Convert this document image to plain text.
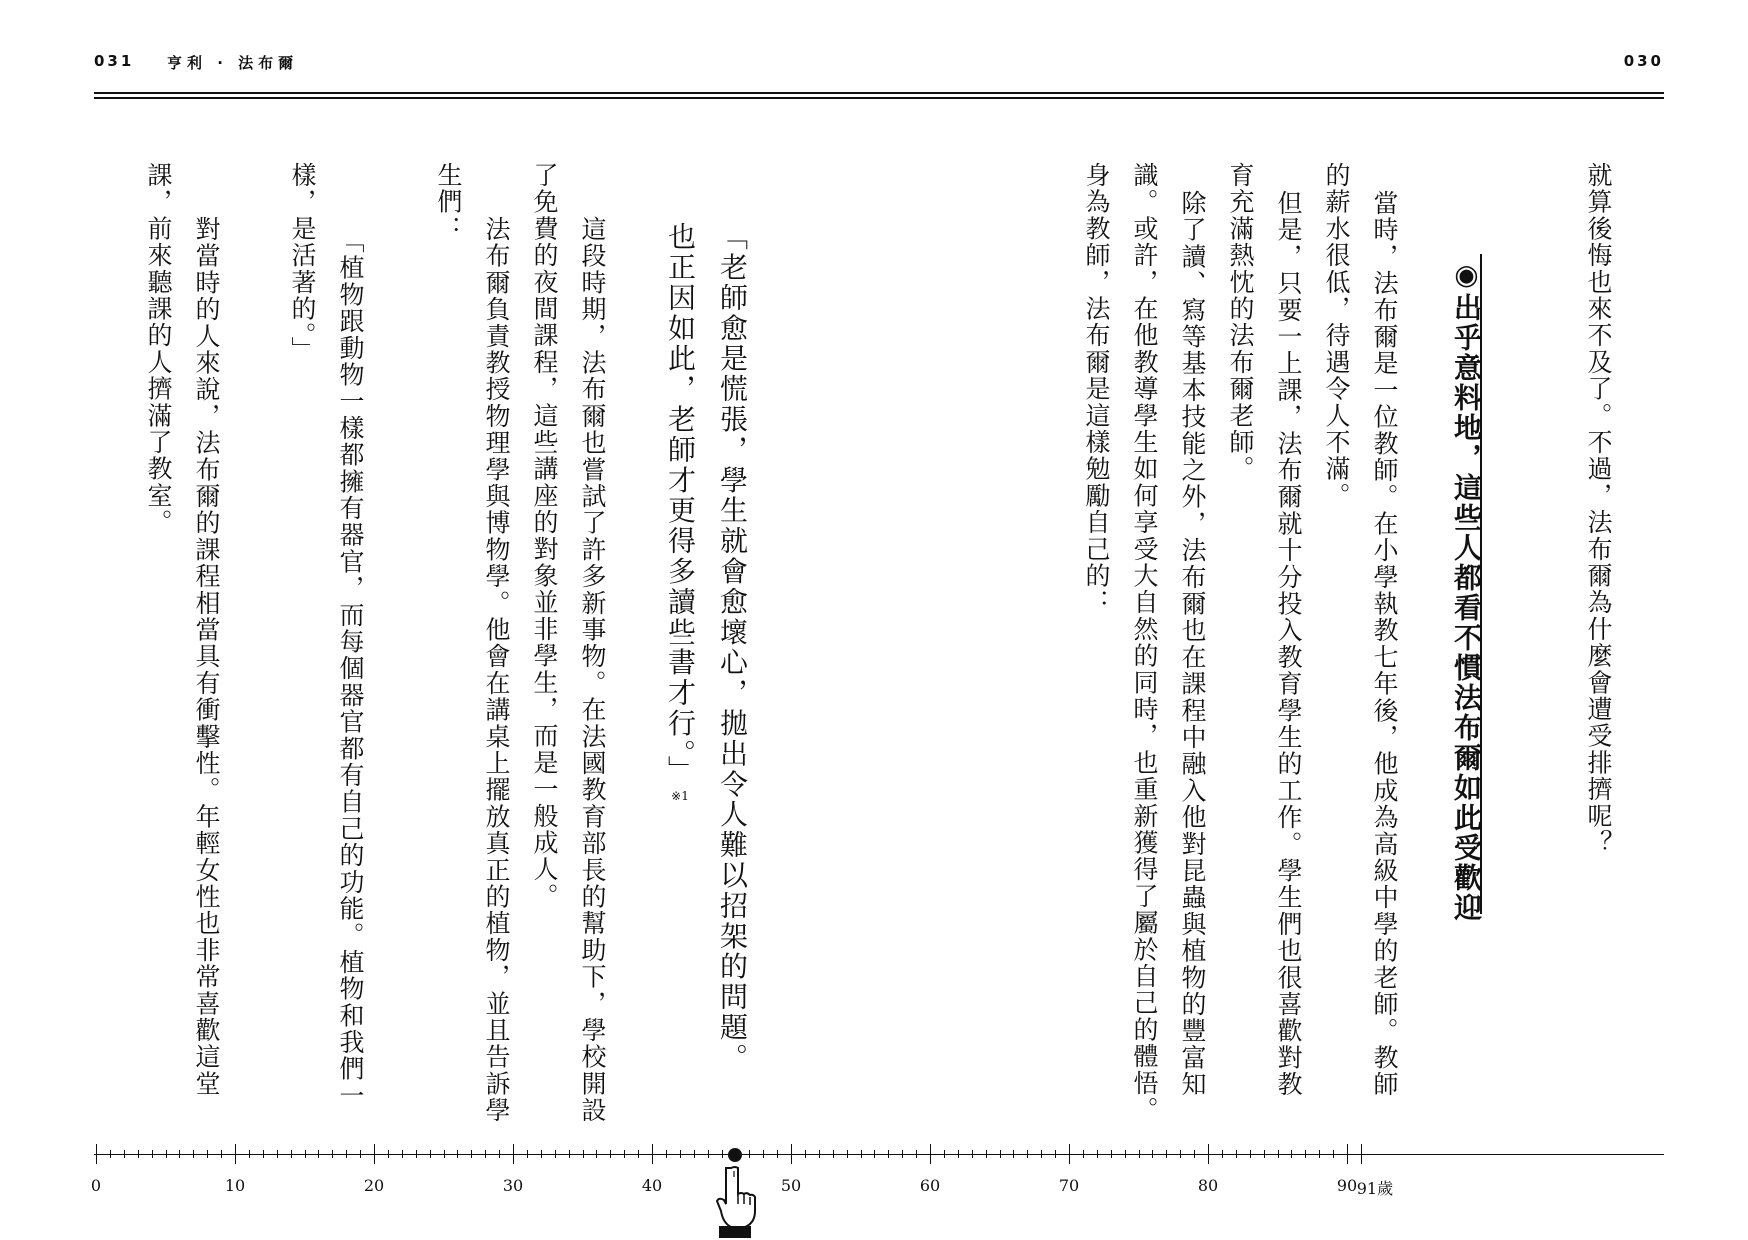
031 亨利 · 法布爾	030
就算後悔也來不及了。不過，法布爾為什麼會遭受排擠呢？
◉出乎意料地，這些人都看不慣法布爾如此受歡迎
當時，法布爾是一位教師。在小學執教七年後，他成為高級中學的老師。教師
的薪水很低，待遇令人不滿。
但是，只要一上課，法布爾就十分投入教育學生的工作。學生們也很喜歡對教
育充滿熱忱的法布爾老師。
除了讀、寫等基本技能之外，法布爾也在課程中融入他對昆蟲與植物的豐富知
識。或許，在他教導學生如何享受大自然的同時，也重新獲得了屬於自己的體悟。
身為教師，法布爾是這樣勉勵自己的：
「老師愈是慌張，學生就會愈壞心，拋出令人難以招架的問題。
也正因如此，老師才更得多讀些書才行。」
※1
這段時期，法布爾也嘗試了許多新事物。在法國教育部長的幫助下，學校開設
了免費的夜間課程，這些講座的對象並非學生，而是一般成人。
法布爾負責教授物理學與博物學。他會在講桌上擺放真正的植物，並且告訴學
生們：
「植物跟動物一樣都擁有器官，而每個器官都有自己的功能。植物和我們一
樣，是活著的。」
對當時的人來說，法布爾的課程相當具有衝擊性。年輕女性也非常喜歡這堂
課，前來聽課的人擠滿了教室。
0	10	20	30	40	50	60	70	80	90 91歲
